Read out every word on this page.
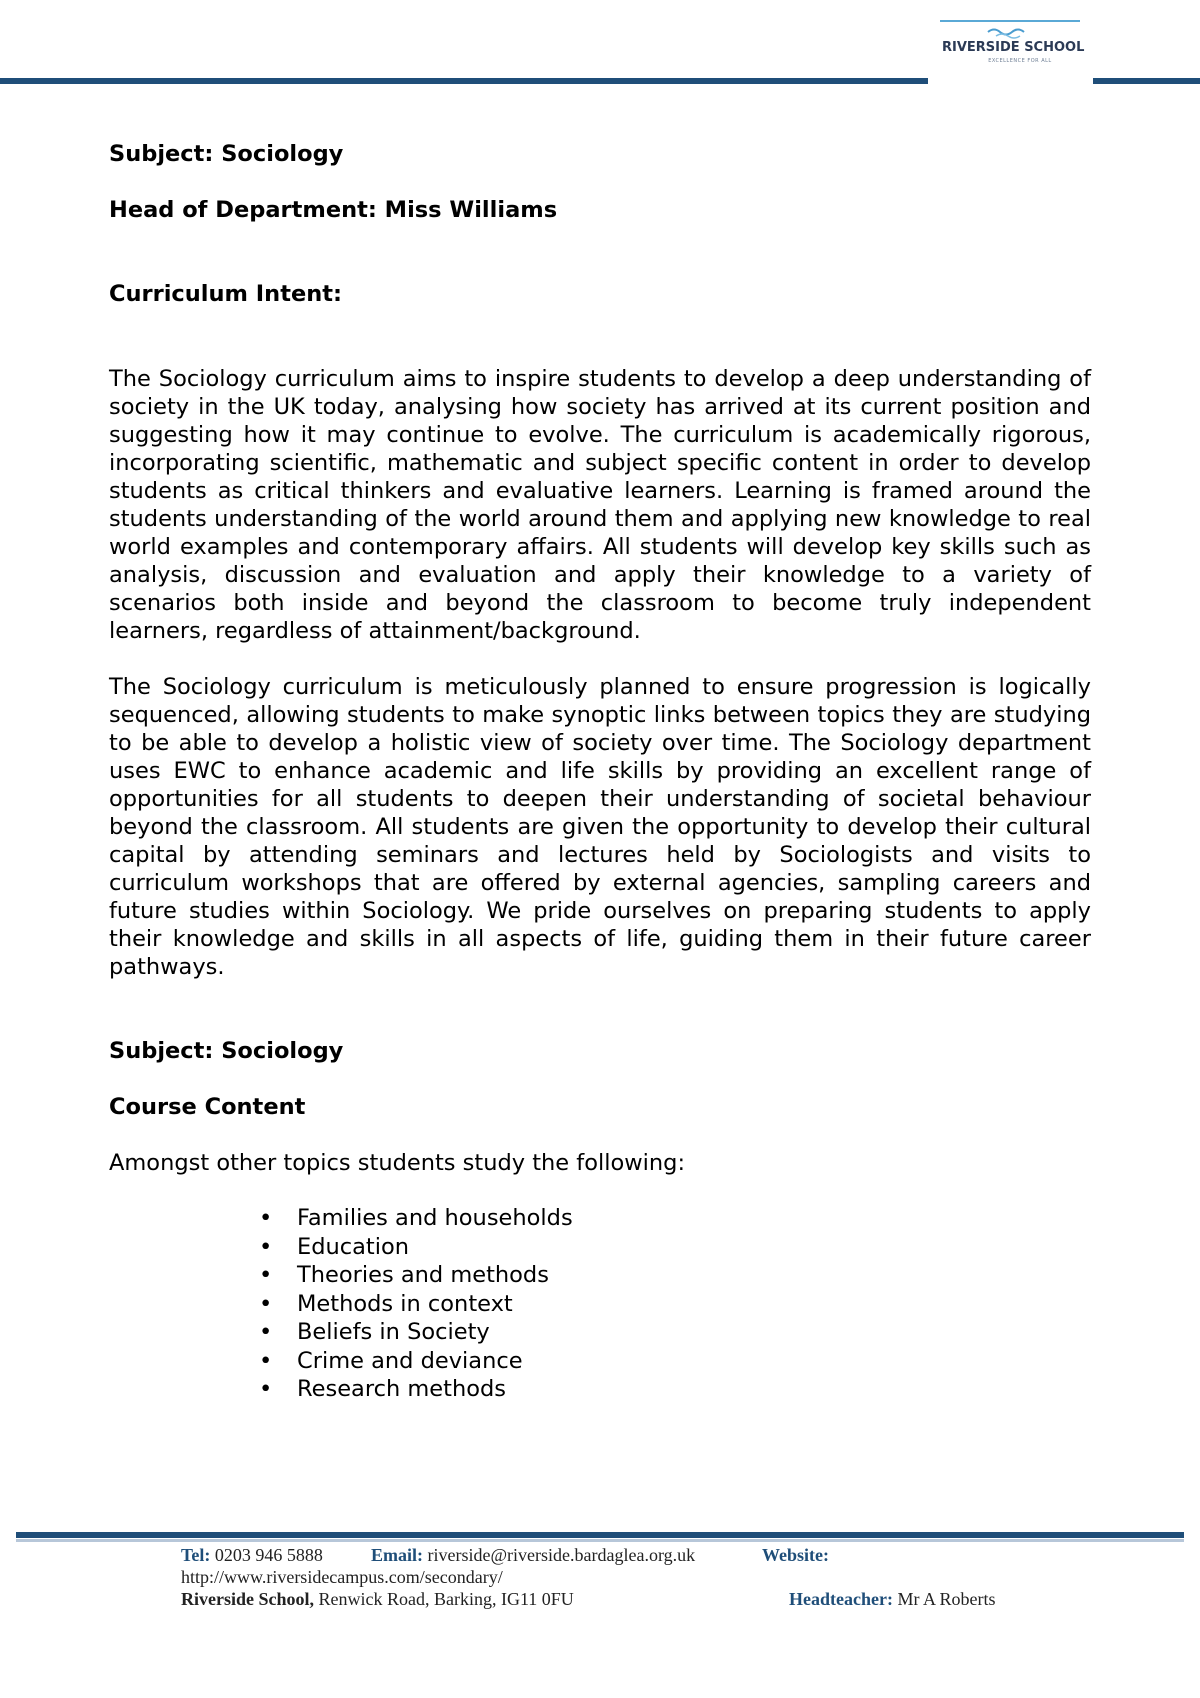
RIVERSIDE SCHOOL
EXCELLENCE FOR ALL

Subject: Sociology

Head of Department: Miss Williams

Curriculum Intent:

The Sociology curriculum aims to inspire students to develop a deep understanding of society in the UK today, analysing how society has arrived at its current position and suggesting how it may continue to evolve. The curriculum is academically rigorous, incorporating scientific, mathematic and subject specific content in order to develop students as critical thinkers and evaluative learners. Learning is framed around the students understanding of the world around them and applying new knowledge to real world examples and contemporary affairs. All students will develop key skills such as analysis, discussion and evaluation and apply their knowledge to a variety of scenarios both inside and beyond the classroom to become truly independent learners, regardless of attainment/background.

The Sociology curriculum is meticulously planned to ensure progression is logically sequenced, allowing students to make synoptic links between topics they are studying to be able to develop a holistic view of society over time. The Sociology department uses EWC to enhance academic and life skills by providing an excellent range of opportunities for all students to deepen their understanding of societal behaviour beyond the classroom. All students are given the opportunity to develop their cultural capital by attending seminars and lectures held by Sociologists and visits to curriculum workshops that are offered by external agencies, sampling careers and future studies within Sociology. We pride ourselves on preparing students to apply their knowledge and skills in all aspects of life, guiding them in their future career pathways.

Subject: Sociology

Course Content

Amongst other topics students study the following:

• Families and households
• Education
• Theories and methods
• Methods in context
• Beliefs in Society
• Crime and deviance
• Research methods
Tel: 0203 946 5888	Email: riverside@riverside.bardaglea.org.uk	Website:
http://www.riversidecampus.com/secondary/
Riverside School, Renwick Road, Barking, IG11 0FU	Headteacher: Mr A Roberts
